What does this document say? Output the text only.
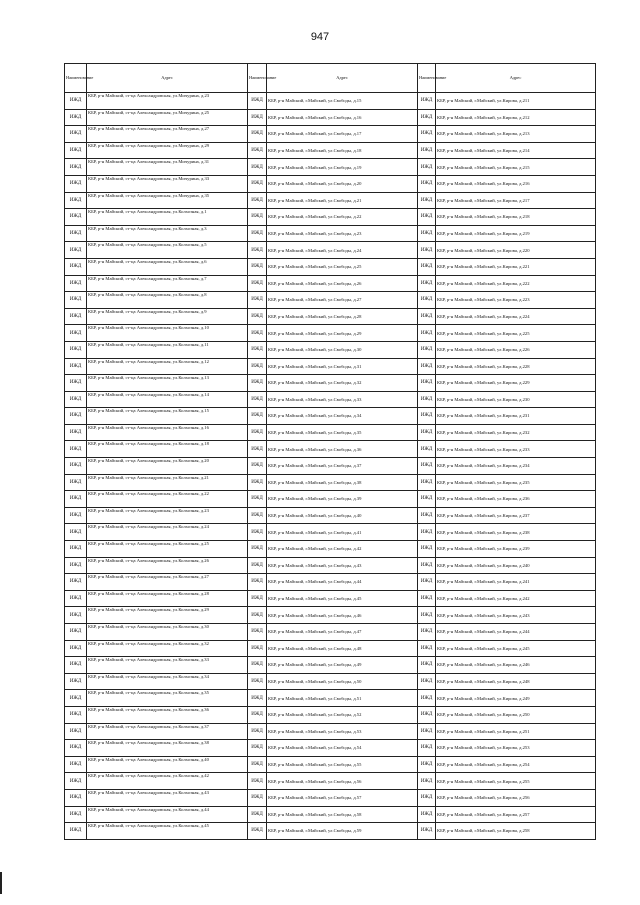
947
Наименование	Адрес	Наименование	Адрес	Наименование	Адрес
ИЖД	КБР, р-н Майский, ст-ца Александровская, ул.Мичурина, д.23	ИЖД	КБР, р-н Майский, г.Майский, ул.Свободы, д.15	ИЖД	КБР, р-н Майский, г.Майский, ул.Кирова, д.211
ИЖД	КБР, р-н Майский, ст-ца Александровская, ул.Мичурина, д.25	ИЖД	КБР, р-н Майский, г.Майский, ул.Свободы, д.16	ИЖД	КБР, р-н Майский, г.Майский, ул.Кирова, д.212
ИЖД	КБР, р-н Майский, ст-ца Александровская, ул.Мичурина, д.27	ИЖД	КБР, р-н Майский, г.Майский, ул.Свободы, д.17	ИЖД	КБР, р-н Майский, г.Майский, ул.Кирова, д.213
ИЖД	КБР, р-н Майский, ст-ца Александровская, ул.Мичурина, д.29	ИЖД	КБР, р-н Майский, г.Майский, ул.Свободы, д.18	ИЖД	КБР, р-н Майский, г.Майский, ул.Кирова, д.214
ИЖД	КБР, р-н Майский, ст-ца Александровская, ул.Мичурина, д.31	ИЖД	КБР, р-н Майский, г.Майский, ул.Свободы, д.19	ИЖД	КБР, р-н Майский, г.Майский, ул.Кирова, д.215
ИЖД	КБР, р-н Майский, ст-ца Александровская, ул.Мичурина, д.33	ИЖД	КБР, р-н Майский, г.Майский, ул.Свободы, д.20	ИЖД	КБР, р-н Майский, г.Майский, ул.Кирова, д.216
ИЖД	КБР, р-н Майский, ст-ца Александровская, ул.Мичурина, д.35	ИЖД	КБР, р-н Майский, г.Майский, ул.Свободы, д.21	ИЖД	КБР, р-н Майский, г.Майский, ул.Кирова, д.217
ИЖД	КБР, р-н Майский, ст-ца Александровская, ул.Колхозная, д.1	ИЖД	КБР, р-н Майский, г.Майский, ул.Свободы, д.22	ИЖД	КБР, р-н Майский, г.Майский, ул.Кирова, д.218
ИЖД	КБР, р-н Майский, ст-ца Александровская, ул.Колхозная, д.3	ИЖД	КБР, р-н Майский, г.Майский, ул.Свободы, д.23	ИЖД	КБР, р-н Майский, г.Майский, ул.Кирова, д.219
ИЖД	КБР, р-н Майский, ст-ца Александровская, ул.Колхозная, д.5	ИЖД	КБР, р-н Майский, г.Майский, ул.Свободы, д.24	ИЖД	КБР, р-н Майский, г.Майский, ул.Кирова, д.220
ИЖД	КБР, р-н Майский, ст-ца Александровская, ул.Колхозная, д.6	ИЖД	КБР, р-н Майский, г.Майский, ул.Свободы, д.25	ИЖД	КБР, р-н Майский, г.Майский, ул.Кирова, д.221
ИЖД	КБР, р-н Майский, ст-ца Александровская, ул.Колхозная, д.7	ИЖД	КБР, р-н Майский, г.Майский, ул.Свободы, д.26	ИЖД	КБР, р-н Майский, г.Майский, ул.Кирова, д.222
ИЖД	КБР, р-н Майский, ст-ца Александровская, ул.Колхозная, д.8	ИЖД	КБР, р-н Майский, г.Майский, ул.Свободы, д.27	ИЖД	КБР, р-н Майский, г.Майский, ул.Кирова, д.223
ИЖД	КБР, р-н Майский, ст-ца Александровская, ул.Колхозная, д.9	ИЖД	КБР, р-н Майский, г.Майский, ул.Свободы, д.28	ИЖД	КБР, р-н Майский, г.Майский, ул.Кирова, д.224
ИЖД	КБР, р-н Майский, ст-ца Александровская, ул.Колхозная, д.10	ИЖД	КБР, р-н Майский, г.Майский, ул.Свободы, д.29	ИЖД	КБР, р-н Майский, г.Майский, ул.Кирова, д.225
ИЖД	КБР, р-н Майский, ст-ца Александровская, ул.Колхозная, д.11	ИЖД	КБР, р-н Майский, г.Майский, ул.Свободы, д.30	ИЖД	КБР, р-н Майский, г.Майский, ул.Кирова, д.226
ИЖД	КБР, р-н Майский, ст-ца Александровская, ул.Колхозная, д.12	ИЖД	КБР, р-н Майский, г.Майский, ул.Свободы, д.31	ИЖД	КБР, р-н Майский, г.Майский, ул.Кирова, д.228
ИЖД	КБР, р-н Майский, ст-ца Александровская, ул.Колхозная, д.13	ИЖД	КБР, р-н Майский, г.Майский, ул.Свободы, д.32	ИЖД	КБР, р-н Майский, г.Майский, ул.Кирова, д.229
ИЖД	КБР, р-н Майский, ст-ца Александровская, ул.Колхозная, д.14	ИЖД	КБР, р-н Майский, г.Майский, ул.Свободы, д.33	ИЖД	КБР, р-н Майский, г.Майский, ул.Кирова, д.230
ИЖД	КБР, р-н Майский, ст-ца Александровская, ул.Колхозная, д.15	ИЖД	КБР, р-н Майский, г.Майский, ул.Свободы, д.34	ИЖД	КБР, р-н Майский, г.Майский, ул.Кирова, д.231
ИЖД	КБР, р-н Майский, ст-ца Александровская, ул.Колхозная, д.16	ИЖД	КБР, р-н Майский, г.Майский, ул.Свободы, д.35	ИЖД	КБР, р-н Майский, г.Майский, ул.Кирова, д.232
ИЖД	КБР, р-н Майский, ст-ца Александровская, ул.Колхозная, д.18	ИЖД	КБР, р-н Майский, г.Майский, ул.Свободы, д.36	ИЖД	КБР, р-н Майский, г.Майский, ул.Кирова, д.233
ИЖД	КБР, р-н Майский, ст-ца Александровская, ул.Колхозная, д.20	ИЖД	КБР, р-н Майский, г.Майский, ул.Свободы, д.37	ИЖД	КБР, р-н Майский, г.Майский, ул.Кирова, д.234
ИЖД	КБР, р-н Майский, ст-ца Александровская, ул.Колхозная, д.21	ИЖД	КБР, р-н Майский, г.Майский, ул.Свободы, д.38	ИЖД	КБР, р-н Майский, г.Майский, ул.Кирова, д.235
ИЖД	КБР, р-н Майский, ст-ца Александровская, ул.Колхозная, д.22	ИЖД	КБР, р-н Майский, г.Майский, ул.Свободы, д.39	ИЖД	КБР, р-н Майский, г.Майский, ул.Кирова, д.236
ИЖД	КБР, р-н Майский, ст-ца Александровская, ул.Колхозная, д.23	ИЖД	КБР, р-н Майский, г.Майский, ул.Свободы, д.40	ИЖД	КБР, р-н Майский, г.Майский, ул.Кирова, д.237
ИЖД	КБР, р-н Майский, ст-ца Александровская, ул.Колхозная, д.24	ИЖД	КБР, р-н Майский, г.Майский, ул.Свободы, д.41	ИЖД	КБР, р-н Майский, г.Майский, ул.Кирова, д.238
ИЖД	КБР, р-н Майский, ст-ца Александровская, ул.Колхозная, д.25	ИЖД	КБР, р-н Майский, г.Майский, ул.Свободы, д.42	ИЖД	КБР, р-н Майский, г.Майский, ул.Кирова, д.239
ИЖД	КБР, р-н Майский, ст-ца Александровская, ул.Колхозная, д.26	ИЖД	КБР, р-н Майский, г.Майский, ул.Свободы, д.43	ИЖД	КБР, р-н Майский, г.Майский, ул.Кирова, д.240
ИЖД	КБР, р-н Майский, ст-ца Александровская, ул.Колхозная, д.27	ИЖД	КБР, р-н Майский, г.Майский, ул.Свободы, д.44	ИЖД	КБР, р-н Майский, г.Майский, ул.Кирова, д.241
ИЖД	КБР, р-н Майский, ст-ца Александровская, ул.Колхозная, д.28	ИЖД	КБР, р-н Майский, г.Майский, ул.Свободы, д.45	ИЖД	КБР, р-н Майский, г.Майский, ул.Кирова, д.242
ИЖД	КБР, р-н Майский, ст-ца Александровская, ул.Колхозная, д.29	ИЖД	КБР, р-н Майский, г.Майский, ул.Свободы, д.46	ИЖД	КБР, р-н Майский, г.Майский, ул.Кирова, д.243
ИЖД	КБР, р-н Майский, ст-ца Александровская, ул.Колхозная, д.30	ИЖД	КБР, р-н Майский, г.Майский, ул.Свободы, д.47	ИЖД	КБР, р-н Майский, г.Майский, ул.Кирова, д.244
ИЖД	КБР, р-н Майский, ст-ца Александровская, ул.Колхозная, д.32	ИЖД	КБР, р-н Майский, г.Майский, ул.Свободы, д.48	ИЖД	КБР, р-н Майский, г.Майский, ул.Кирова, д.245
ИЖД	КБР, р-н Майский, ст-ца Александровская, ул.Колхозная, д.33	ИЖД	КБР, р-н Майский, г.Майский, ул.Свободы, д.49	ИЖД	КБР, р-н Майский, г.Майский, ул.Кирова, д.246
ИЖД	КБР, р-н Майский, ст-ца Александровская, ул.Колхозная, д.34	ИЖД	КБР, р-н Майский, г.Майский, ул.Свободы, д.50	ИЖД	КБР, р-н Майский, г.Майский, ул.Кирова, д.248
ИЖД	КБР, р-н Майский, ст-ца Александровская, ул.Колхозная, д.35	ИЖД	КБР, р-н Майский, г.Майский, ул.Свободы, д.51	ИЖД	КБР, р-н Майский, г.Майский, ул.Кирова, д.249
ИЖД	КБР, р-н Майский, ст-ца Александровская, ул.Колхозная, д.36	ИЖД	КБР, р-н Майский, г.Майский, ул.Свободы, д.52	ИЖД	КБР, р-н Майский, г.Майский, ул.Кирова, д.250
ИЖД	КБР, р-н Майский, ст-ца Александровская, ул.Колхозная, д.37	ИЖД	КБР, р-н Майский, г.Майский, ул.Свободы, д.53	ИЖД	КБР, р-н Майский, г.Майский, ул.Кирова, д.251
ИЖД	КБР, р-н Майский, ст-ца Александровская, ул.Колхозная, д.38	ИЖД	КБР, р-н Майский, г.Майский, ул.Свободы, д.54	ИЖД	КБР, р-н Майский, г.Майский, ул.Кирова, д.253
ИЖД	КБР, р-н Майский, ст-ца Александровская, ул.Колхозная, д.40	ИЖД	КБР, р-н Майский, г.Майский, ул.Свободы, д.55	ИЖД	КБР, р-н Майский, г.Майский, ул.Кирова, д.254
ИЖД	КБР, р-н Майский, ст-ца Александровская, ул.Колхозная, д.42	ИЖД	КБР, р-н Майский, г.Майский, ул.Свободы, д.56	ИЖД	КБР, р-н Майский, г.Майский, ул.Кирова, д.255
ИЖД	КБР, р-н Майский, ст-ца Александровская, ул.Колхозная, д.43	ИЖД	КБР, р-н Майский, г.Майский, ул.Свободы, д.57	ИЖД	КБР, р-н Майский, г.Майский, ул.Кирова, д.256
ИЖД	КБР, р-н Майский, ст-ца Александровская, ул.Колхозная, д.44	ИЖД	КБР, р-н Майский, г.Майский, ул.Свободы, д.58	ИЖД	КБР, р-н Майский, г.Майский, ул.Кирова, д.257
ИЖД	КБР, р-н Майский, ст-ца Александровская, ул.Колхозная, д.45	ИЖД	КБР, р-н Майский, г.Майский, ул.Свободы, д.59	ИЖД	КБР, р-н Майский, г.Майский, ул.Кирова, д.258
